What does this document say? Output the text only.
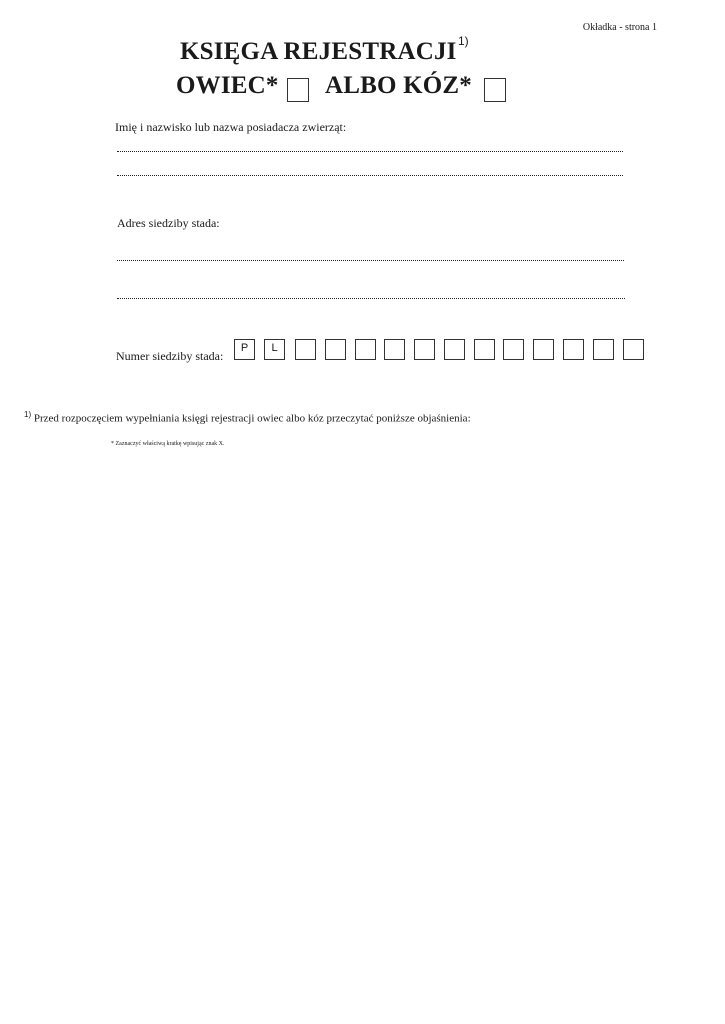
Okładka - strona 1
KSIĘGA REJESTRACJI 1)
OWIEC* ALBO KÓZ*
Imię i nazwisko lub nazwa posiadacza zwierząt:
Adres siedziby stada:
Numer siedziby stada:
P	L
$^{1)}$ Przed rozpoczęciem wypełniania księgi rejestracji owiec albo kóz przeczytać poniższe objaśnienia:
* Zaznaczyć właściwą kratkę wpisując znak X.
